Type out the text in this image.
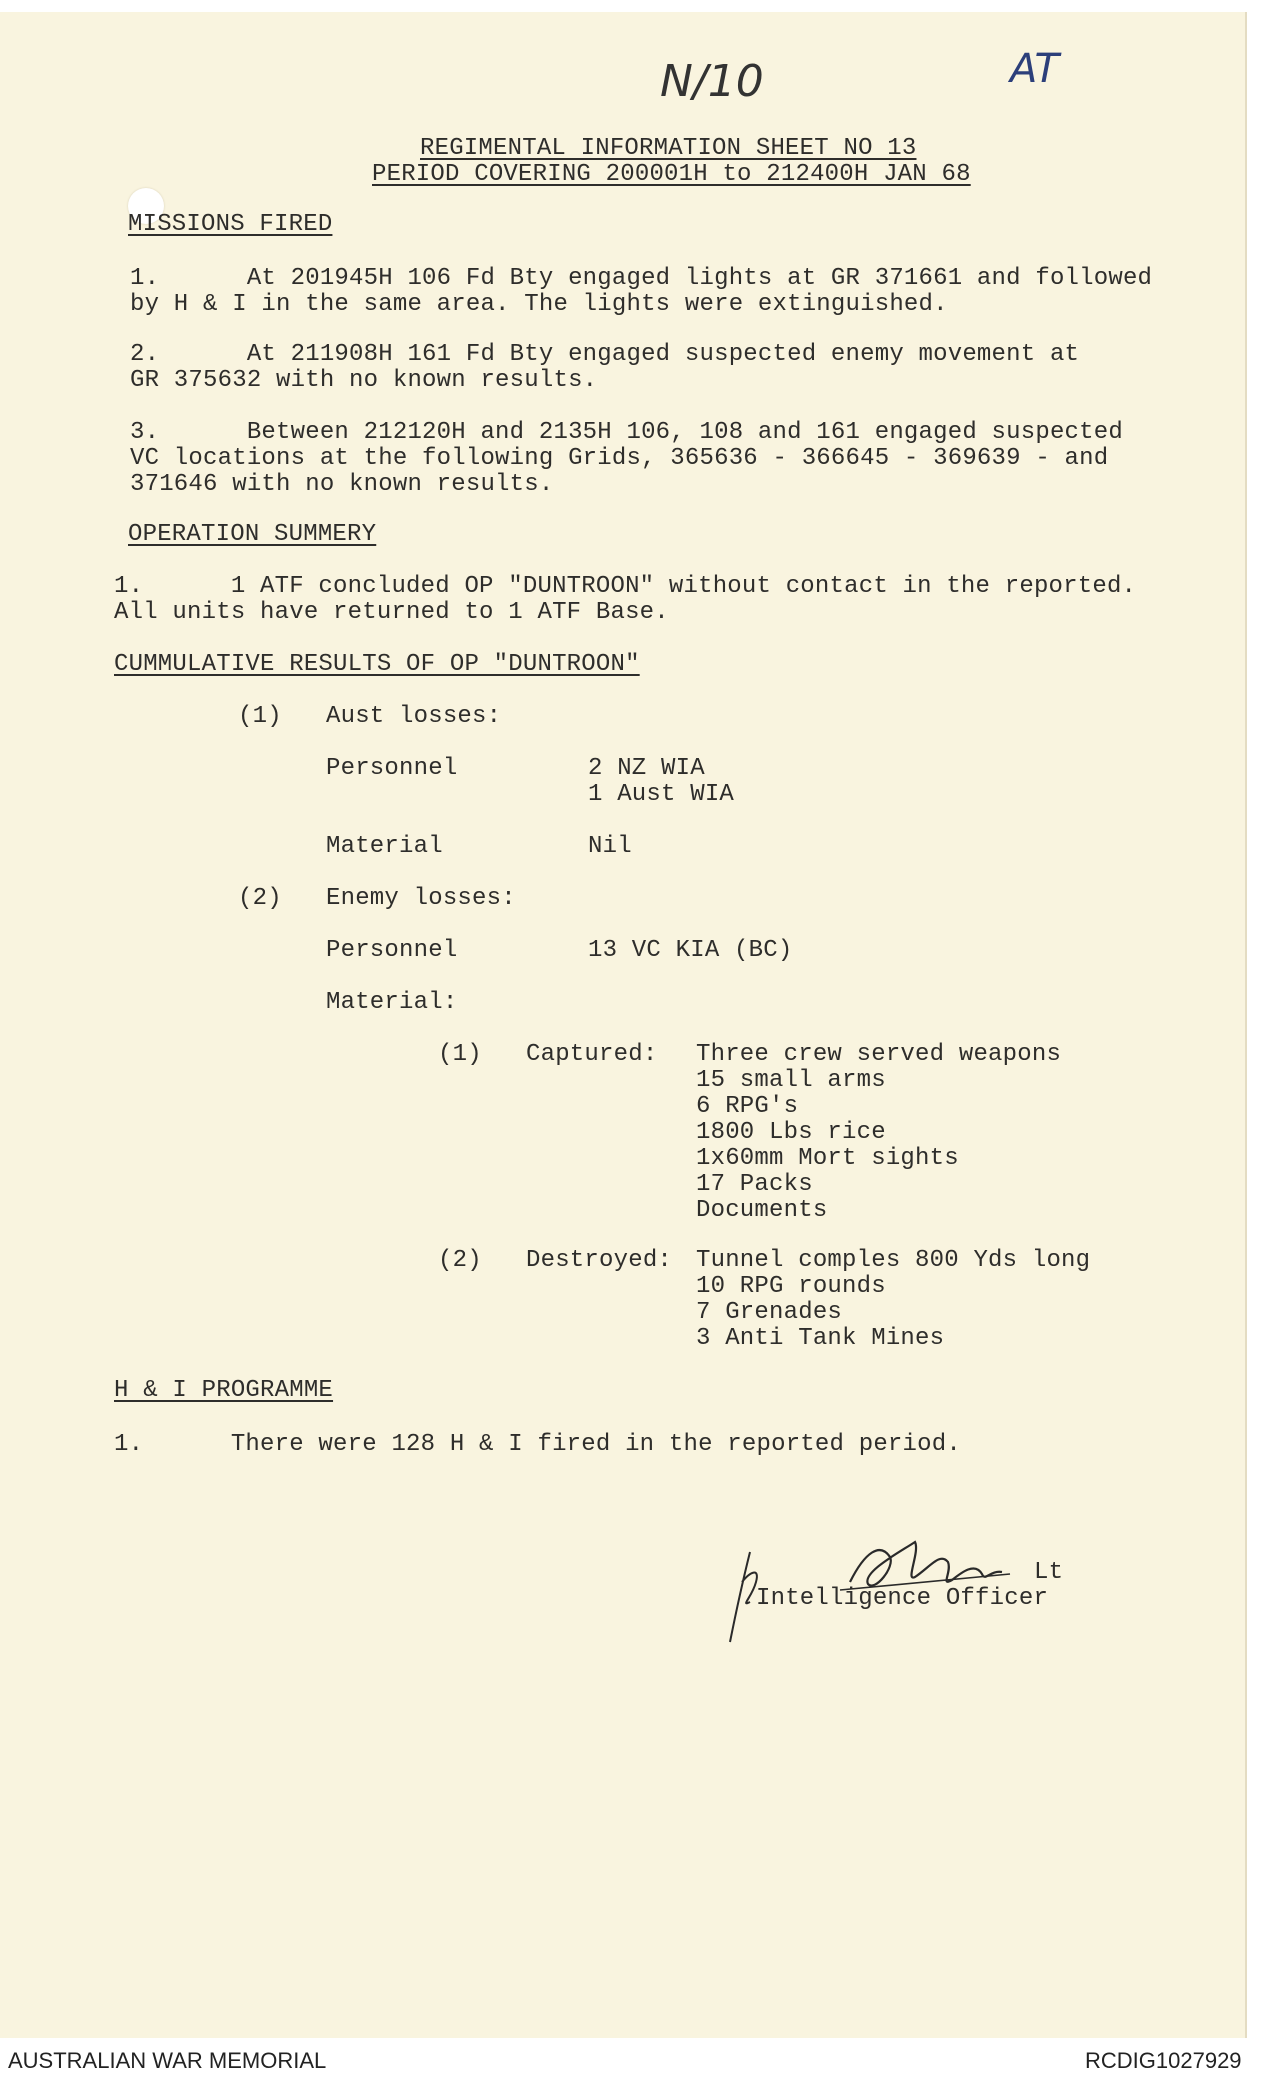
N/10	AT
REGIMENTAL INFORMATION SHEET NO 13
PERIOD COVERING 200001H to 212400H JAN 68
MISSIONS FIRED
1.      At 201945H 106 Fd Bty engaged lights at GR 371661 and followed
by H & I in the same area. The lights were extinguished.
2.      At 211908H 161 Fd Bty engaged suspected enemy movement at
GR 375632 with no known results.
3.      Between 212120H and 2135H 106, 108 and 161 engaged suspected
VC locations at the following Grids, 365636 - 366645 - 369639 - and
371646 with no known results.
OPERATION SUMMERY
1.      1 ATF concluded OP "DUNTROON" without contact in the reported.
All units have returned to 1 ATF Base.
CUMMULATIVE RESULTS OF OP "DUNTROON"
(1) Aust losses:
Personnel	2 NZ WIA
1 Aust WIA
Material	Nil
(2) Enemy losses:
Personnel	13 VC KIA (BC)
Material:
(1) Captured: Three crew served weapons
15 small arms
6 RPG's
1800 Lbs rice
1x60mm Mort sights
17 Packs
Documents
(2) Destroyed: Tunnel comples 800 Yds long
10 RPG rounds
7 Grenades
3 Anti Tank Mines
H & I PROGRAMME
1.      There were 128 H & I fired in the reported period.
Lt
Intelligence Officer
AUSTRALIAN WAR MEMORIAL	RCDIG1027929
